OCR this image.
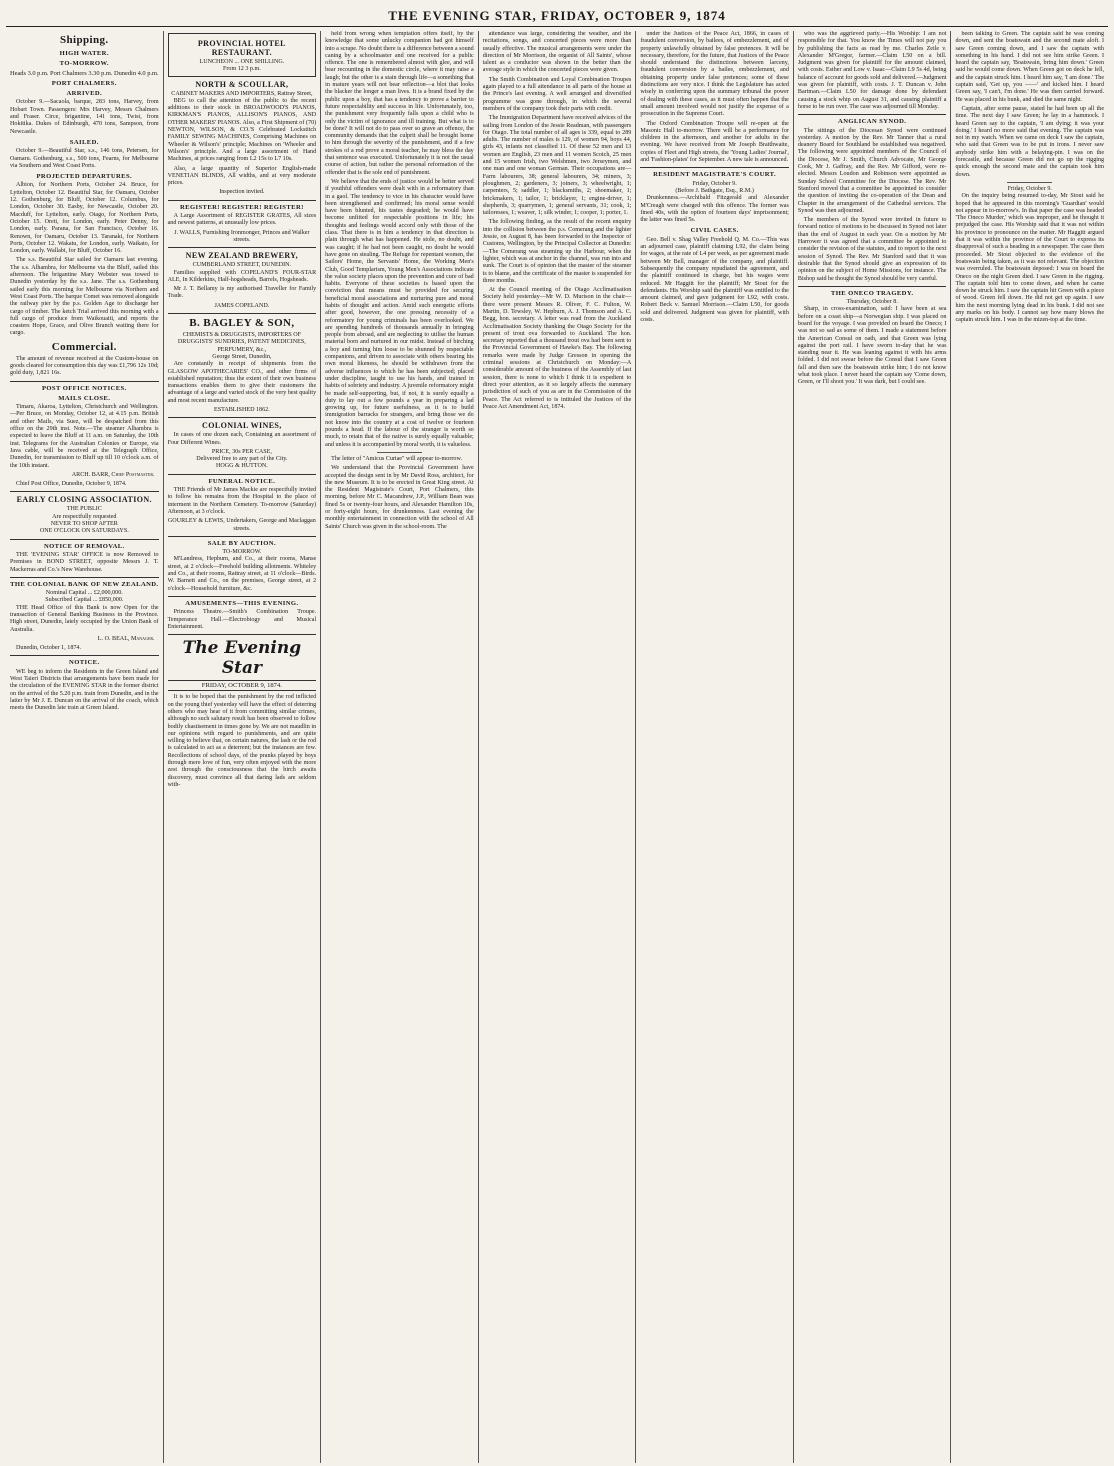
THE EVENING STAR, FRIDAY, OCTOBER 9, 1874
Shipping.
HIGH WATER.
TO-MORROW.
Heads 3.0 p.m. Port Chalmers 3.30 p.m. Dunedin 4.0 p.m.
PORT CHALMERS.
ARRIVED.

October 9.—Sacaola, barque, 283 tons, Harvey, from Hobart Town. Passengers: Mrs Harvey, Messrs Chalmers and Fraser. Circe, brigantine, 141 tons, Twist, from Hokitika. Dukes of Edinburgh, 470 tons, Sampson, from Newcastle.

SAILED.

October 9.—Beautiful Star, s.s., 146 tons, Petersen, for Oamaru. Gothenburg, s.s., 500 tons, Fearns, for Melbourne via Southern and West Coast Ports.

PROJECTED DEPARTURES.

Albion, for Northern Ports, October 24. Bruce, for Lyttelton, October 12. Beautiful Star, for Oamaru, October 12. Gothenburg, for Bluff, October 12. Columbus, for London, October 30. Easby, for Newcastle, October 20. Macduff, for Lyttelton, early. Otago, for Northern Ports, October 15. Oreti, for London, early. Peter Denny, for London, early. Parana, for San Francisco, October 16. Renown, for Oamaru, October 13. Taranaki, for Northern Ports, October 12. Wakatu, for London, early. Waikato, for London, early. Wallabi, for Bluff, October 16.

The s.s. Beautiful Star sailed for Oamaru last evening. The s.s. Alhambra, for Melbourne via the Bluff, sailed this afternoon. The brigantine Mary Webster was towed to Dunedin yesterday by the s.s. Jane. The s.s. Gothenburg sailed early this morning for Melbourne via Northern and West Coast Ports. The barque Comet was removed alongside the railway pier by the p.s. Golden Age to discharge her cargo of timber. The ketch Trial arrived this morning with a full cargo of produce from Waikouaiti, and reports the coasters Hope, Grace, and Olive Branch waiting there for cargo.

Commercial.

The amount of revenue received at the Custom-house on goods cleared for consumption this day was £1,796 12s 10d; gold duty, 1,821 16s.

POST OFFICE NOTICES.
MAILS CLOSE.

Timaru, Akaroa, Lyttelton, Christchurch and Wellington.—Per Bruce, on Monday, October 12, at 4.15 p.m. British and other Mails, via Suez, will be despatched from this office on the 29th inst. Note.—The steamer Alhambra is expected to leave the Bluff at 11 a.m. on Saturday, the 10th inst. Telegrams for the Australian Colonies or Europe, via Java cable, will be received at the Telegraph Office, Dunedin, for transmission to Bluff up till 10 o'clock a.m. of the 10th instant.

ARCH. BARR, Chief Postmaster.

Chief Post Office, Dunedin, October 9, 1874.

EARLY CLOSING ASSOCIATION.
THE PUBLIC
Are respectfully requested
NEVER TO SHOP AFTER
ONE O'CLOCK ON SATURDAYS.
NOTICE OF REMOVAL.

THE 'EVENING STAR' OFFICE is now Removed to Premises in BOND STREET, opposite Messrs J. T. Mackerras and Co.'s New Warehouse.

THE COLONIAL BANK OF NEW ZEALAND.
Nominal Capital ... £2,000,000.
Subscribed Capital ... £850,000.

THE Head Office of this Bank is now Open for the transaction of General Banking Business in the Province. High street, Dunedin, lately occupied by the Union Bank of Australia.

L. O. BEAL, Manager.

Dunedin, October 1, 1874.

NOTICE.

WE beg to inform the Residents in the Green Island and West Taieri Districts that arrangements have been made for the circulation of the EVENING STAR in the former district on the arrival of the 5.20 p.m. train from Dunedin, and in the latter by Mr J. E. Duncan on the arrival of the coach, which meets the Dunedin late train at Green Island.

PROVINCIAL HOTEL RESTAURANT.
LUNCHEON ... ONE SHILLING.
From 12 3 p.m.
NORTH & SCOULLAR,
CABINET MAKERS AND IMPORTERS, Rattray Street,

BEG to call the attention of the public to the recent additions to their stock in BROADWOOD'S PIANOS, KIRKMAN'S PIANOS, ALLISON'S PIANOS, AND OTHER MAKERS' PIANOS. Also, a First Shipment of (70) NEWTON, WILSON, & CO.'S Celebrated Lockstitch FAMILY SEWING MACHINES, Comprising Machines on 'Wheeler & Wilson's' principle; Machines on 'Wheeler and Wilson's' principle. And a large assortment of Hand Machines, at prices ranging from L2 15s to L7 10s.

Also, a large quantity of Superior English-made VENETIAN BLINDS, All widths, and at very moderate prices.

Inspection invited.
REGISTER! REGISTER! REGISTER!

A Large Assortment of REGISTER GRATES, All sizes and newest patterns, at unusually low prices.

J. WALLS, Furnishing Ironmonger, Princes and Walker streets.
NEW ZEALAND BREWERY,
CUMBERLAND STREET, DUNEDIN.

Families supplied with COPELAND'S FOUR-STAR ALE, In Kilderkins, Half-hogsheads, Barrels, Hogsheads.

Mr J. T. Bellamy is my authorised Traveller for Family Trade.

JAMES COPELAND.
B. BAGLEY & SON,
CHEMISTS & DRUGGISTS, IMPORTERS OF DRUGGISTS' SUNDRIES, PATENT MEDICINES, PERFUMERY, &c.,
George Street, Dunedin,

Are constantly in receipt of shipments from the GLASGOW APOTHECARIES' CO., and other firms of established reputation; thus the extent of their own business transactions enables them to give their customers the advantage of a large and varied stock of the very best quality and most recent manufacture.

ESTABLISHED 1862.
COLONIAL WINES,

In cases of one dozen each, Containing an assortment of Four Different Wines.

PRICE, 30s PER CASE,
Delivered free to any part of the City.
HOGG & HUTTON.
FUNERAL NOTICE.

THE Friends of Mr James Mackie are respectfully invited to follow his remains from the Hospital to the place of interment in the Northern Cemetery. To-morrow (Saturday) Afternoon, at 3 o'clock.

GOURLEY & LEWIS, Undertakers, George and Maclaggan streets.
SALE BY AUCTION.
TO-MORROW.

M'Landress, Hepburn, and Co., at their rooms, Manse street, at 2 o'clock—Freehold building allotments. Whiteley and Co., at their rooms, Rattray street, at 11 o'clock—Birds. W. Barnett and Co., on the premises, George street, at 2 o'clock—Household furniture, &c.

AMUSEMENTS—THIS EVENING.

Princess Theatre.—Smith's Combination Troupe. Temperance Hall.—Electrobiogy and Musical Entertainment.

The Evening Star
FRIDAY, OCTOBER 9, 1874.

It is to be hoped that the punishment by the rod inflicted on the young thief yesterday will have the effect of deterring others who may hear of it from committing similar crimes, although no such salutary result has been observed to follow bodily chastisement in times gone by. We are not maudlin in our opinions with regard to punishments, and are quite willing to believe that, on certain natures, the lash or the rod is calculated to act as a deterrent; but the instances are few. Recollections of school days, of the pranks played by boys through mere love of fun, very often enjoyed with the more zest through the consciousness that the birch awaits discovery, must convince all that daring lads are seldom with-

held from wrong when temptation offers itself, by the knowledge that some unlucky companion had got himself into a scrape. No doubt there is a difference between a sound caning by a schoolmaster and one received for a public offence. The one is remembered almost with glee, and will bear recounting in the domestic circle, where it may raise a laugh; but the other is a stain through life—a something that in mature years will not bear reflection—a blot that looks the blacker the longer a man lives. It is a brand fixed by the public upon a boy, that has a tendency to prove a barrier to future respectability and success in life. Unfortunately, too, the punishment very frequently falls upon a child who is only the victim of ignorance and ill training. But what is to be done? It will not do to pass over so grave an offence, the community demands that the culprit shall be brought home to him through the severity of the punishment, and if a few strokes of a rod prove a moral teacher, he may bless the day that sentence was executed. Unfortunately it is not the usual course of action, but rather the personal reformation of the offender that is the sole end of punishment.

We believe that the ends of justice would be better served if youthful offenders were dealt with in a reformatory than in a gaol. The tendency to vice in his character would have been strengthened and confirmed; his moral sense would have been blunted, his tastes degraded; he would have become unfitted for respectable positions in life; his thoughts and feelings would accord only with those of the class. That there is in him a tendency in that direction is plain through what has happened. He stole, no doubt, and was caught; if he had not been caught, no doubt he would have gone on stealing. The Refuge for repentant women, the Sailors' Home, the Servants' Home, the Working Men's Club, Good Templarism, Young Men's Associations indicate the value society places upon the prevention and cure of bad habits. Everyone of these societies is based upon the conviction that means must be provided for securing beneficial moral associations and nurturing pure and moral habits of thought and action. Amid such energetic efforts after good, however, the one pressing necessity of a reformatory for young criminals has been overlooked. We are spending hundreds of thousands annually in bringing people from abroad, and are neglecting to utilise the human material born and nurtured in our midst. Instead of birching a boy and turning him loose to be shunned by respectable companions, and driven to associate with others bearing his own moral likeness, he should be withdrawn from the adverse influences to which he has been subjected; placed under discipline, taught to use his hands, and trained in habits of sobriety and industry. A juvenile reformatory might be made self-supporting, but, if not, it is surely equally a duty to lay out a few pounds a year in preparing a lad growing up, for future usefulness, as it is to build immigration barracks for strangers, and bring those we do not know into the country at a cost of twelve or fourteen pounds a head. If the labour of the stranger is worth so much, to retain that of the native is surely equally valuable; and unless it is accompanied by moral worth, it is valueless.

The letter of "Amicus Curiae" will appear to-morrow.

We understand that the Provincial Government have accepted the design sent in by Mr David Ross, architect, for the new Museum. It is to be erected in Great King street. At the Resident Magistrate's Court, Port Chalmers, this morning, before Mr C. Macandrew, J.P., William Bean was fined 5s or twenty-four hours, and Alexander Hamilton 10s, or forty-eight hours, for drunkenness. Last evening the monthly entertainment in connection with the school of All Saints' Church was given in the school-room. The

attendance was large, considering the weather, and the recitations, songs, and concerted pieces were more than usually effective. The musical arrangements were under the direction of Mr Morrison, the organist of All Saints', whose talent as a conductor was shown in the better than the average style in which the concerted pieces were given.

The Smith Combination and Loyal Combination Troupes again played to a full attendance in all parts of the house at the Prince's last evening. A well arranged and diversified programme was gone through, in which the several members of the company took their parts with credit.

The Immigration Department have received advices of the sailing from London of the Jessie Readman, with passengers for Otago. The total number of all ages is 339, equal to 289 adults. The number of males is 129, of women 94, boys 44, girls 43, infants not classified 11. Of these 52 men and 13 women are English, 23 men and 11 women Scotch, 25 men and 15 women Irish, two Welshmen, two Jerseymen, and one man and one woman German. Their occupations are—Farm labourers, 38; general labourers, 34; miners, 3; ploughmen, 2; gardeners, 3; joiners, 3; wheelwright, 1; carpenters, 5; saddler, 1; blacksmiths, 2; shoemaker, 1; brickmakers, 1; tailor, 1; bricklayer, 1; engine-driver, 1; shepherds, 3; quarrymen, 1; general servants, 31; cook, 1; tailoresses, 1; weaver, 1; silk winder, 1; cooper, 1; porter, 1.

The following finding, as the result of the recent enquiry into the collision between the p.s. Comerang and the lighter Jessie, on August 8, has been forwarded to the Inspector of Customs, Wellington, by the Principal Collector at Dunedin:—The Comerang was steaming up the Harbour, when the lighter, which was at anchor in the channel, was run into and sunk. The Court is of opinion that the master of the steamer is to blame, and the certificate of the master is suspended for three months.

At the Council meeting of the Otago Acclimatisation Society held yesterday—Mr W. D. Murison in the chair—there were present Messrs R. Oliver, F. C. Fulton, W. Martin, D. Tewsley, W. Hepburn, A. J. Thomson and A. C. Begg, hon. secretary. A letter was read from the Auckland Acclimatisation Society thanking the Otago Society for the present of trout ova forwarded to Auckland. The hon. secretary reported that a thousand trout ova had been sent to the Provincial Government of Hawke's Bay. The following remarks were made by Judge Gresson in opening the criminal sessions at Christchurch on Monday:—A considerable amount of the business of the Assembly of last session, there is none to which I think it is expedient to direct your attention, as it so largely affects the summary jurisdiction of such of you as are in the Commission of the Peace. The Act referred to is intituled the Justices of the Peace Act Amendment Act, 1874.

under the Justices of the Peace Act, 1866, in cases of fraudulent conversion, by bailees, of embezzlement, and of property unlawfully obtained by false pretences. It will be necessary, therefore, for the future, that Justices of the Peace should understand the distinctions between larceny, fraudulent conversion by a bailee, embezzlement, and obtaining property under false pretences; some of these distinctions are very nice. I think the Legislature has acted wisely in conferring upon the summary tribunal the power of dealing with these cases, as it must often happen that the small amount involved would not justify the expense of a prosecution in the Supreme Court.

The Oxford Combination Troupe will re-open at the Masonic Hall to-morrow. There will be a performance for children in the afternoon, and another for adults in the evening. We have received from Mr Joseph Braithwaite, copies of Fleet and High streets, the 'Young Ladies' Journal', and 'Fashion-plates' for September. A new tale is announced.

RESIDENT MAGISTRATE'S COURT.
Friday, October 9.
(Before J. Bathgate, Esq., R.M.)

Drunkenness.—Archibald Fitzgerald and Alexander M'Creagh were charged with this offence. The former was fined 40s, with the option of fourteen days' imprisonment; the latter was fined 5s.

CIVIL CASES.

Geo. Bell v. Shag Valley Freehold Q. M. Co.—This was an adjourned case, plaintiff claiming L92, the claim being for wages, at the rate of L4 per week, as per agreement made between Mr Bell, manager of the company, and plaintiff. Subsequently the company repudiated the agreement, and the plaintiff continued in charge, but his wages were reduced. Mr Haggitt for the plaintiff; Mr Stout for the defendants. His Worship said the plaintiff was entitled to the amount claimed, and gave judgment for L92, with costs. Robert Beck v. Samuel Morrison.—Claim L50, for goods sold and delivered. Judgment was given for plaintiff, with costs.

who was the aggrieved party.—His Worship: I am not responsible for that. You know the Times will not pay you by publishing the facts as read by me. Charles Zeile v. Alexander M'Gregor, farmer.—Claim L50 on a bill. Judgment was given for plaintiff for the amount claimed, with costs. Esther and Low v. Isaac—Claim L9 5s 4d, being balance of account for goods sold and delivered.—Judgment was given for plaintiff, with costs. J. T. Duncan v. John Bartman.—Claim L50 for damage done by defendant causing a stock whip on August 31, and causing plaintiff a horse to be run over. The case was adjourned till Monday.

ANGLICAN SYNOD.

The sittings of the Diocesan Synod were continued yesterday. A motion by the Rev. Mr Tanner that a rural deanery Board for Southland be established was negatived. The following were appointed members of the Council of the Diocese, Mr J. Smith, Church Advocate, Mr George Cook, Mr J. Gaffray, and the Rev. Mr Gifford, were re-elected. Messrs Loudon and Robinson were appointed as Sunday School Committee for the Diocese. The Rev. Mr Stanford moved that a committee be appointed to consider the question of inviting the co-operation of the Dean and Chapter in the arrangement of the Cathedral services. The Synod was then adjourned.

The members of the Synod were invited in future to forward notice of motions to be discussed in Synod not later than the end of August in each year. On a motion by Mr Harrower it was agreed that a committee be appointed to consider the revision of the statutes, and to report to the next session of Synod. The Rev. Mr Stanford said that it was desirable that the Synod should give an expression of its opinion on the subject of Home Missions, for instance. The Bishop said he thought the Synod should be very careful.

THE ONECO TRAGEDY.
Thursday, October 8.

Sharp, in cross-examination, said: I have been at sea before on a coast ship—a Norwegian ship. I was placed on board for the voyage. I was provided on board the Oneco; I was not so sad as some of them. I made a statement before the American Consul on oath, and that Green was lying against the port rail. I have sworn to-day that he was standing near it. He was leaning against it with his arms folded. I did not swear before the Consul that I saw Green fall and then saw the boatswain strike him; I do not know what took place. I never heard the captain say 'Come down, Green, or I'll shoot you.' It was dark, but I could see.

been talking to Green. The captain said he was coming down, and sent the boatswain and the second mate aloft. I saw Green coming down, and I saw the captain with something in his hand. I did not see him strike Green. I heard the captain say, 'Boatswain, bring him down.' Green said he would come down. When Green got on deck he fell, and the captain struck him. I heard him say, 'I am done.' The captain said, 'Get up, you ——' and kicked him. I heard Green say, 'I can't, I'm done.' He was then carried forward. He was placed in his bunk, and died the same night.

Captain, after some pause, stated he had been up all the time. The next day I saw Green; he lay in a hammock. I heard Green say to the captain, 'I am dying; it was your doing.' I heard no more said that evening. The captain was not in my watch. When we came on deck I saw the captain, who said that Green was to be put in irons. I never saw anybody strike him with a belaying-pin. I was on the forecastle, and because Green did not go up the rigging quick enough the second mate and the captain took him down.

Friday, October 9.

On the inquiry being resumed to-day, Mr Stout said he hoped that he appeared in this morning's 'Guardian' would not appear in to-morrow's. In that paper the case was headed 'The Oneco Murder,' which was improper, and he thought it prejudged the case. His Worship said that it was not within his province to pronounce on the matter. Mr Haggitt argued that it was within the province of the Court to express its disapproval of such a heading in a newspaper. The case then proceeded. Mr Stout objected to the evidence of the boatswain being taken, as it was not relevant. The objection was overruled. The boatswain deposed: I was on board the Oneco on the night Green died. I saw Green in the rigging. The captain told him to come down, and when he came down he struck him. I saw the captain hit Green with a piece of wood. Green fell down. He did not get up again. I saw him the next morning lying dead in his bunk. I did not see any marks on his body. I cannot say how many blows the captain struck him. I was in the mizen-top at the time.
